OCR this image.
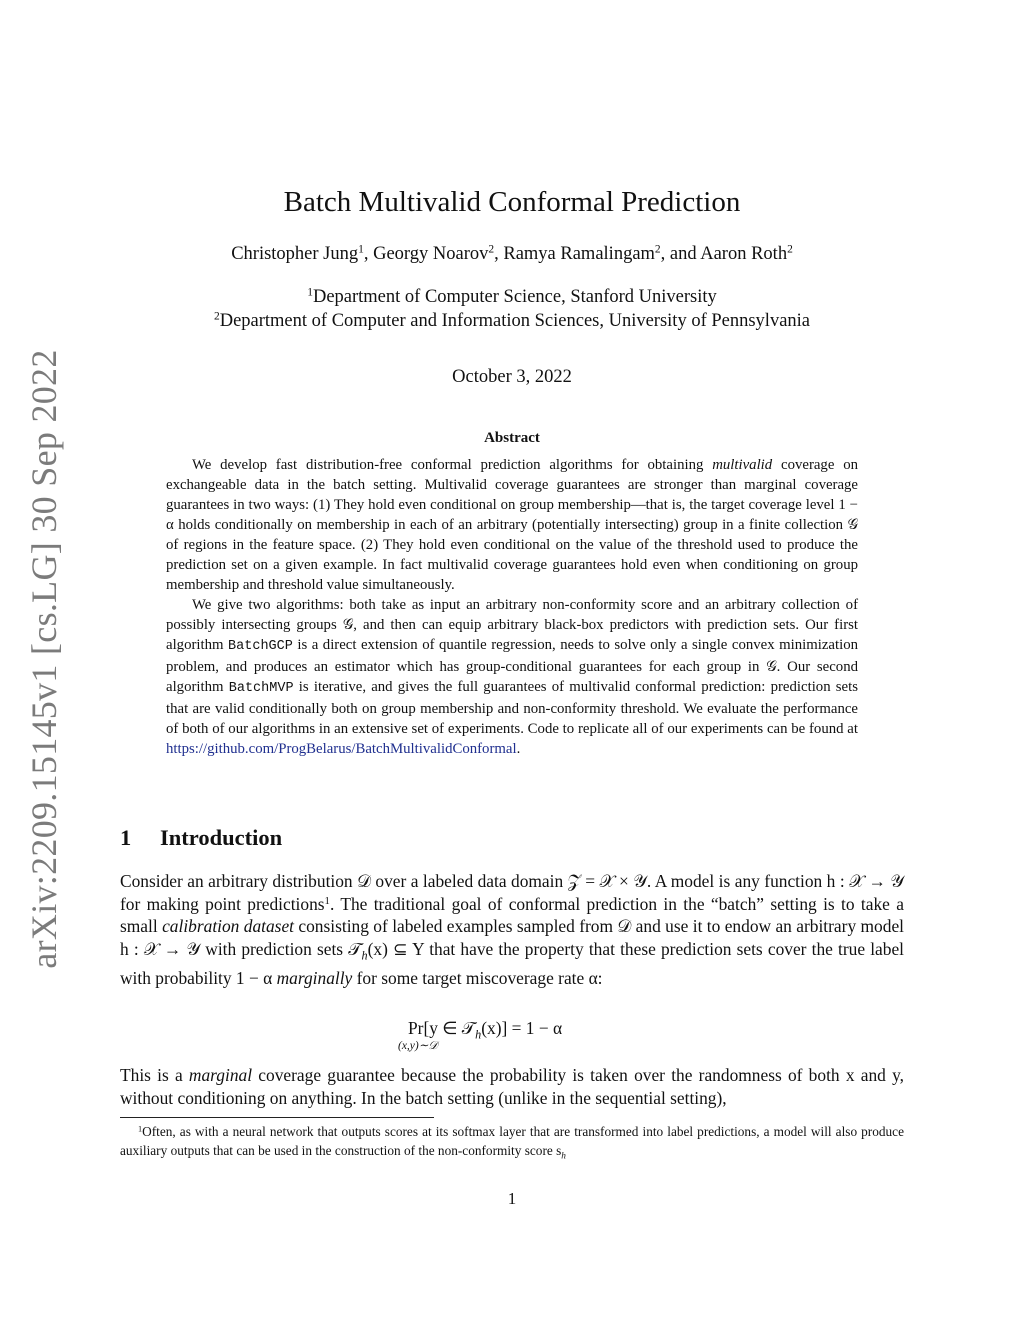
arXiv:2209.15145v1 [cs.LG] 30 Sep 2022
Batch Multivalid Conformal Prediction
Christopher Jung$^1$, Georgy Noarov$^2$, Ramya Ramalingam$^2$, and Aaron Roth$^2$
$^1$Department of Computer Science, Stanford University
$^2$Department of Computer and Information Sciences, University of Pennsylvania
October 3, 2022
Abstract

We develop fast distribution-free conformal prediction algorithms for obtaining multivalid coverage on exchangeable data in the batch setting. Multivalid coverage guarantees are stronger than marginal coverage guarantees in two ways: (1) They hold even conditional on group membership—that is, the target coverage level 1 − α holds conditionally on membership in each of an arbitrary (potentially intersecting) group in a finite collection 𝒢 of regions in the feature space. (2) They hold even conditional on the value of the threshold used to produce the prediction set on a given example. In fact multivalid coverage guarantees hold even when conditioning on group membership and threshold value simultaneously.

We give two algorithms: both take as input an arbitrary non-conformity score and an arbitrary collection of possibly intersecting groups 𝒢, and then can equip arbitrary black-box predictors with prediction sets. Our first algorithm BatchGCP is a direct extension of quantile regression, needs to solve only a single convex minimization problem, and produces an estimator which has group-conditional guarantees for each group in 𝒢. Our second algorithm BatchMVP is iterative, and gives the full guarantees of multivalid conformal prediction: prediction sets that are valid conditionally both on group membership and non-conformity threshold. We evaluate the performance of both of our algorithms in an extensive set of experiments. Code to replicate all of our experiments can be found at https://github.com/ProgBelarus/BatchMultivalidConformal.

1 Introduction

Consider an arbitrary distribution 𝒟 over a labeled data domain 𝒵 = 𝒳 × 𝒴. A model is any function h : 𝒳 → 𝒴 for making point predictions$^1$. The traditional goal of conformal prediction in the “batch” setting is to take a small calibration dataset consisting of labeled examples sampled from 𝒟 and use it to endow an arbitrary model h : 𝒳 → 𝒴 with prediction sets 𝒯$_h$(x) ⊆ Y that have the property that these prediction sets cover the true label with probability 1 − α marginally for some target miscoverage rate α:

Pr
(x,y)∼𝒟
[y ∈ 𝒯$_h$(x)] = 1 − α

This is a marginal coverage guarantee because the probability is taken over the randomness of both x and y, without conditioning on anything. In the batch setting (unlike in the sequential setting),

$^1$Often, as with a neural network that outputs scores at its softmax layer that are transformed into label predictions, a model will also produce auxiliary outputs that can be used in the construction of the non-conformity score $s_h$

1
